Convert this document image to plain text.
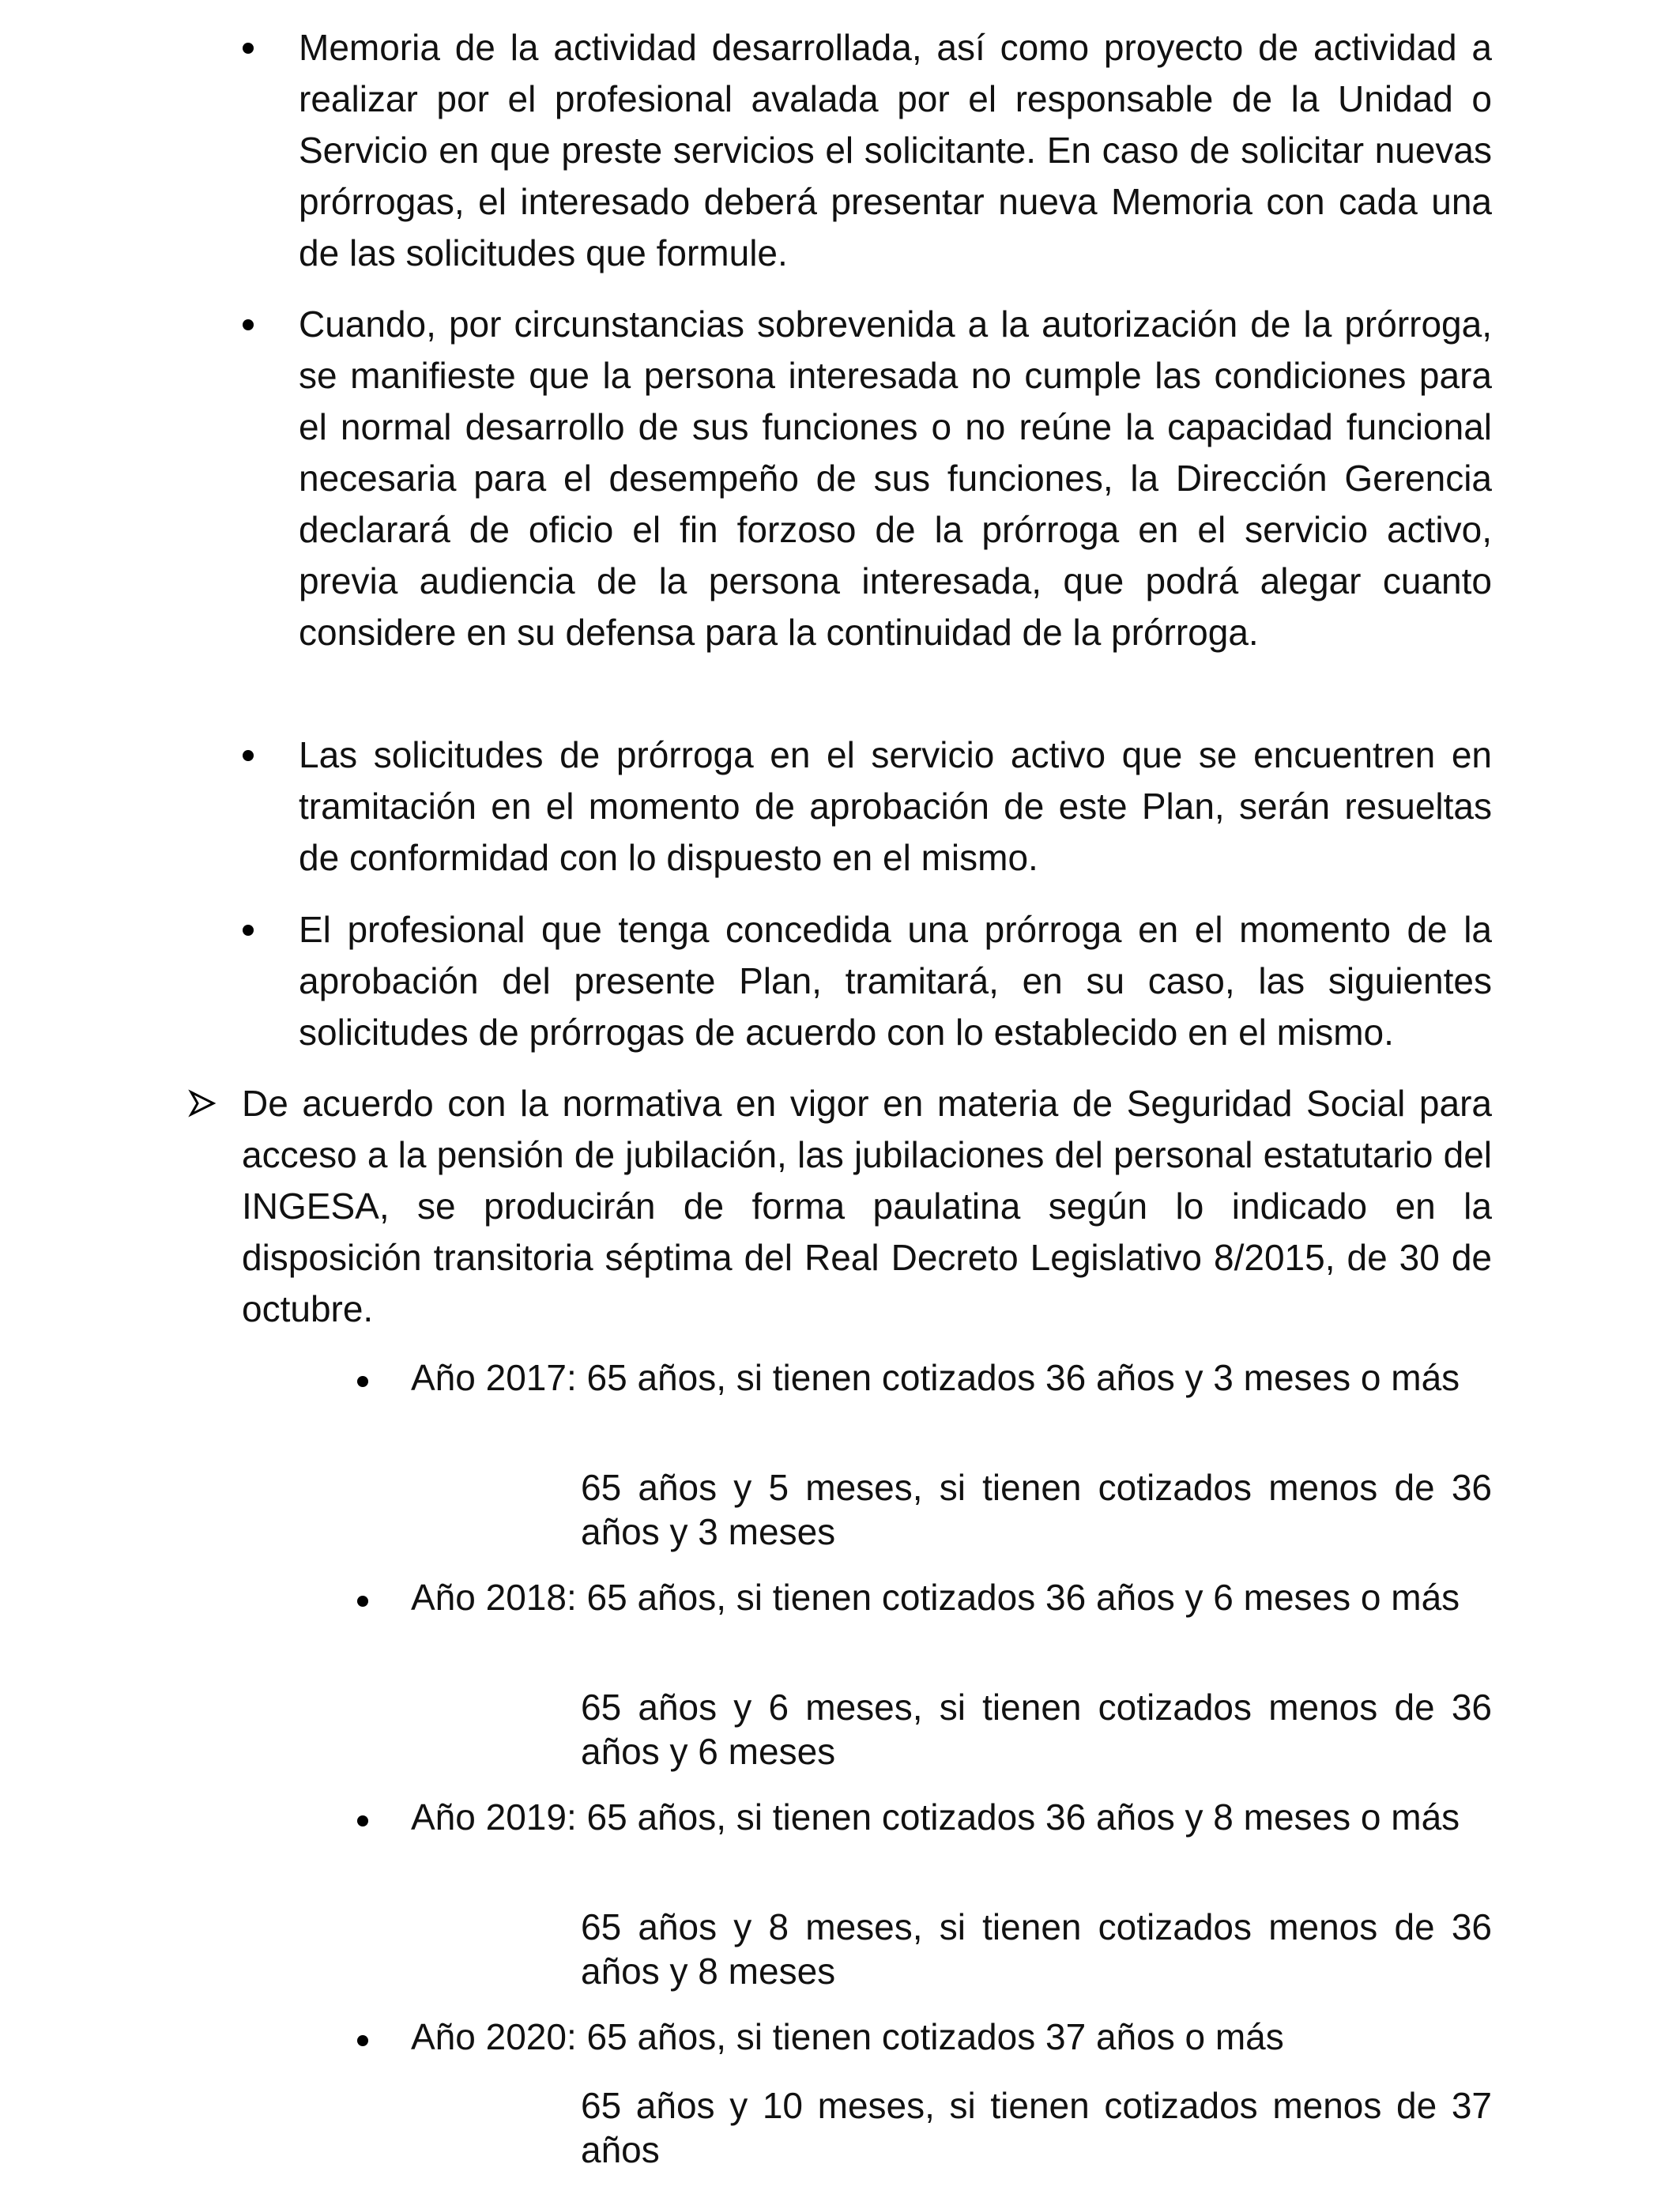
Memoria de la actividad desarrollada, así como proyecto de actividad a realizar por el profesional avalada por el responsable de la Unidad o Servicio en que preste servicios el solicitante. En caso de solicitar nuevas prórrogas, el interesado deberá presentar nueva Memoria con cada una de las solicitudes que formule.
Cuando, por circunstancias sobrevenida a la autorización de la prórroga, se manifieste que la persona interesada no cumple las condiciones para el normal desarrollo de sus funciones o no reúne la capacidad funcional necesaria para el desempeño de sus funciones, la Dirección Gerencia declarará de oficio el fin forzoso de la prórroga en el servicio activo, previa audiencia de la persona interesada, que podrá alegar cuanto considere en su defensa para la continuidad de la prórroga.
Las solicitudes de prórroga en el servicio activo que se encuentren en tramitación en el momento de aprobación de este Plan, serán resueltas de conformidad con lo dispuesto en el mismo.
El profesional que tenga concedida una prórroga en el momento de la aprobación del presente Plan, tramitará, en su caso, las siguientes solicitudes de prórrogas de acuerdo con lo establecido en el mismo.
De acuerdo con la normativa en vigor en materia de Seguridad Social para acceso a la pensión de jubilación, las jubilaciones del personal estatutario del INGESA, se producirán de forma paulatina según lo indicado en la disposición transitoria séptima del Real Decreto Legislativo 8/2015, de 30 de octubre.
Año 2017: 65 años, si tienen cotizados 36 años y 3 meses o más
65 años y 5 meses, si tienen cotizados menos de 36 años y 3 meses
Año 2018: 65 años, si tienen cotizados 36 años y 6 meses o más
65 años y 6 meses, si tienen cotizados menos de 36 años y 6 meses
Año 2019: 65 años, si tienen cotizados 36 años y 8 meses o más
65 años y 8 meses, si tienen cotizados menos de 36 años y 8 meses
Año 2020: 65 años, si tienen cotizados 37 años o más
65 años y 10 meses, si tienen cotizados menos de 37 años
